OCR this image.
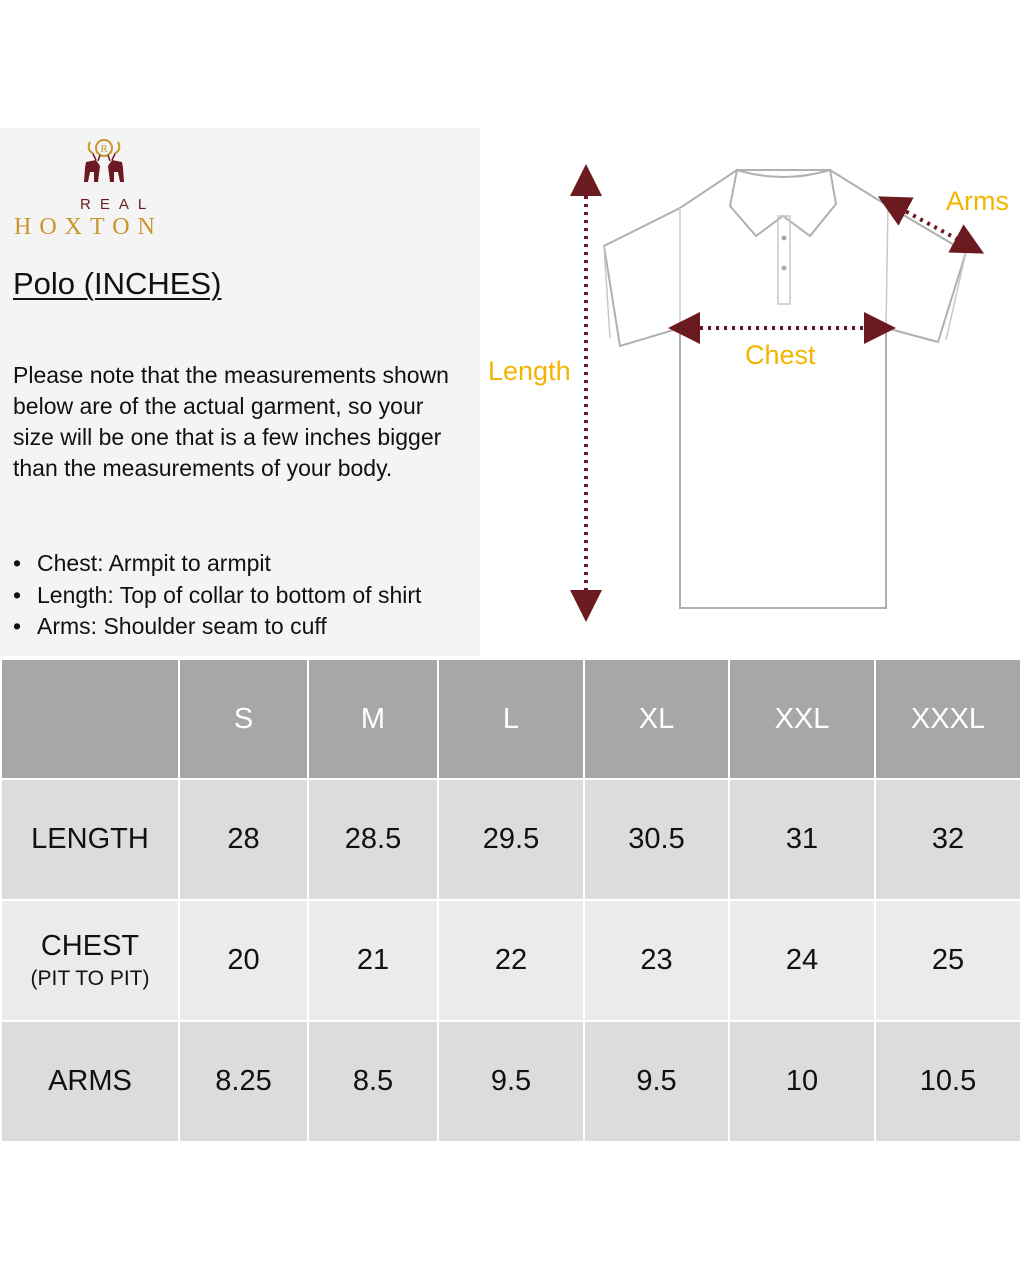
R
REAL
HOXTON
Polo (INCHES)

Please note that the measurements shown below are of the actual garment, so your size will be one that is a few inches bigger than the measurements of your body.

• Chest: Armpit to armpit
• Length: Top of collar to bottom of shirt
• Arms: Shoulder seam to cuff
Length
Chest
Arms
	S	M	L	XL	XXL	XXXL
LENGTH	28	28.5	29.5	30.5	31	32
CHEST
(PIT TO PIT)	20	21	22	23	24	25
ARMS	8.25	8.5	9.5	9.5	10	10.5
